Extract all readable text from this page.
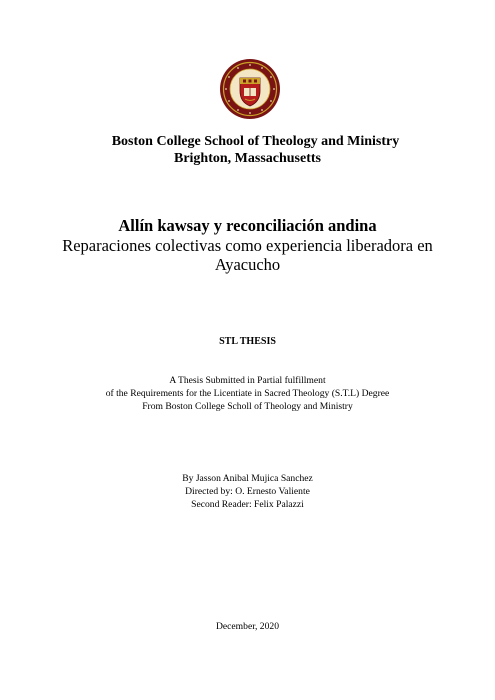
Boston College School of Theology and Ministry
Brighton, Massachusetts
Allín kawsay y reconciliación andina
Reparaciones colectivas como experiencia liberadora en
Ayacucho
STL THESIS
A Thesis Submitted in Partial fulfillment
of the Requirements for the Licentiate in Sacred Theology (S.T.L) Degree
From Boston College Scholl of Theology and Ministry
By Jasson Anibal Mujica Sanchez
Directed by: O. Ernesto Valiente
Second Reader: Felix Palazzi
December, 2020
